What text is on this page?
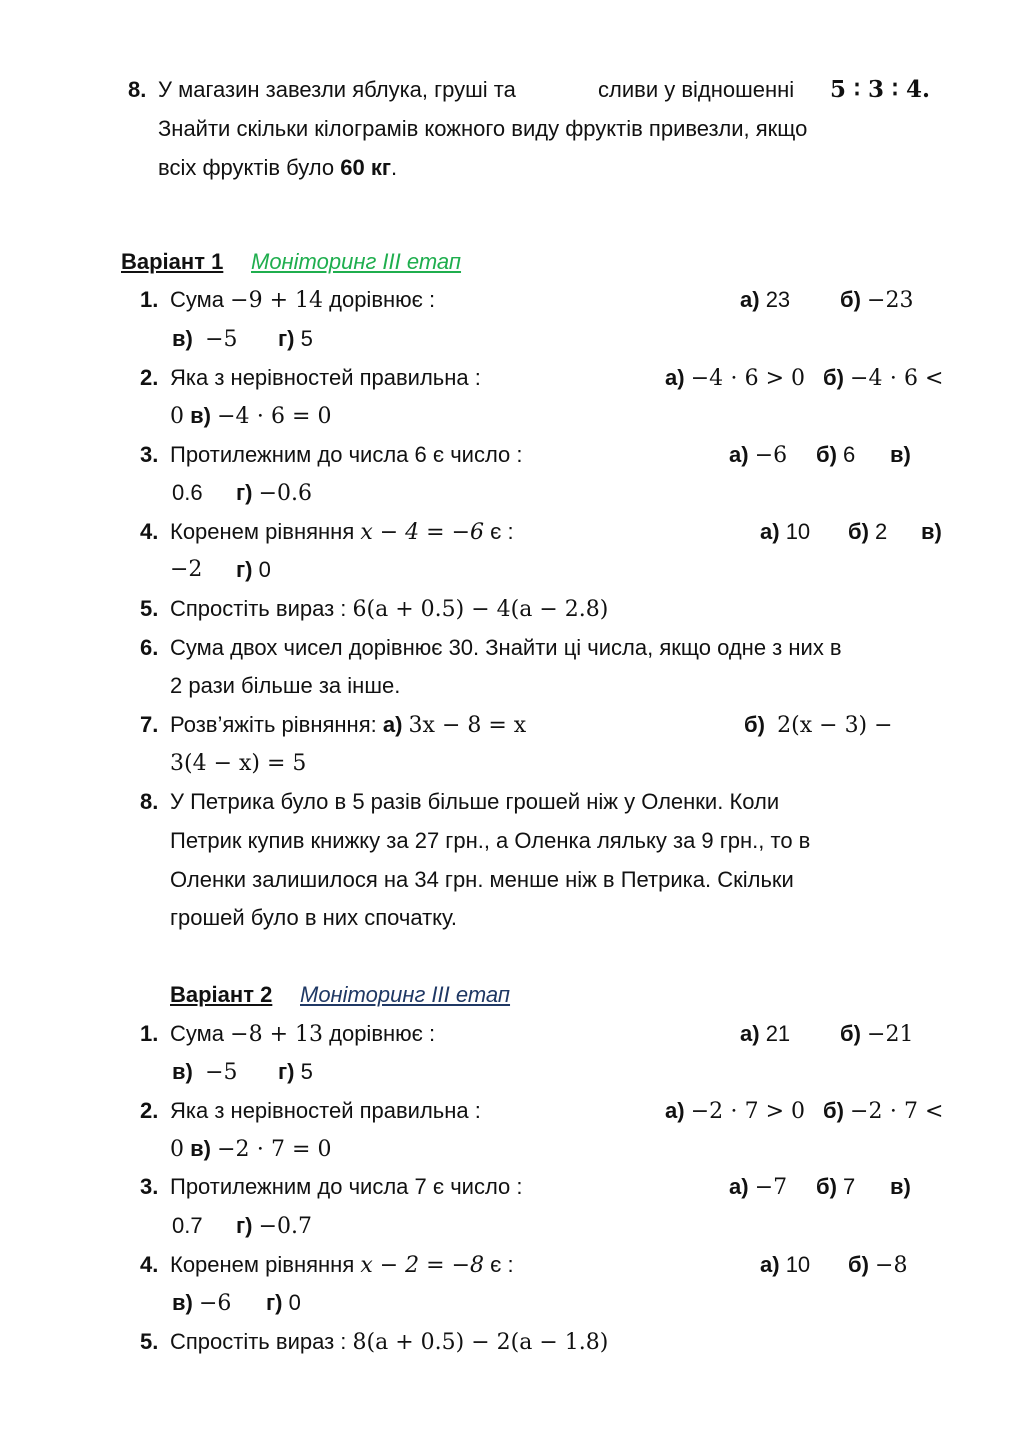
8. У магазин завезли яблука, груші та	сливи у відношенні 5 ∶ 3 ∶ 4.
Знайти скільки кілограмів кожного виду фруктів привезли, якщо
всіх фруктів було 60 кг.
Варіант 1 Моніторинг ІІІ етап
1. Сума −9 + 14 дорівнює :	а) 23 б) −23
в) −5 г) 5
2. Яка з нерівностей правильна :	а) −4 ⋅ 6 > 0 б) −4 ⋅ 6 <
0 в) −4 ⋅ 6 = 0
3. Протилежним до числа 6 є число :	а) −6 б) 6 в)
0.6 г) −0.6
4. Коренем рівняння x − 4 = −6 є :	а) 10 б) 2 в)
−2 г) 0
5. Спростіть вираз : 6(a + 0.5) − 4(a − 2.8)
6. Сума двох чисел дорівнює 30. Знайти ці числа, якщо одне з них в
2 рази більше за інше.
7. Розв’яжіть рівняння: а) 3x − 8 = x	б) 2(x − 3) −
3(4 − x) = 5
8. У Петрика було в 5 разів більше грошей ніж у Оленки. Коли
Петрик купив книжку за 27 грн., а Оленка ляльку за 9 грн., то в
Оленки залишилося на 34 грн. менше ніж в Петрика. Скільки
грошей було в них спочатку.
Варіант 2 Моніторинг ІІІ етап
1. Сума −8 + 13 дорівнює :	а) 21 б) −21
в) −5 г) 5
2. Яка з нерівностей правильна :	а) −2 ⋅ 7 > 0 б) −2 ⋅ 7 <
0 в) −2 ⋅ 7 = 0
3. Протилежним до числа 7 є число :	а) −7 б) 7 в)
0.7 г) −0.7
4. Коренем рівняння x − 2 = −8 є :	а) 10 б) −8
в) −6 г) 0
5. Спростіть вираз : 8(a + 0.5) − 2(a − 1.8)
